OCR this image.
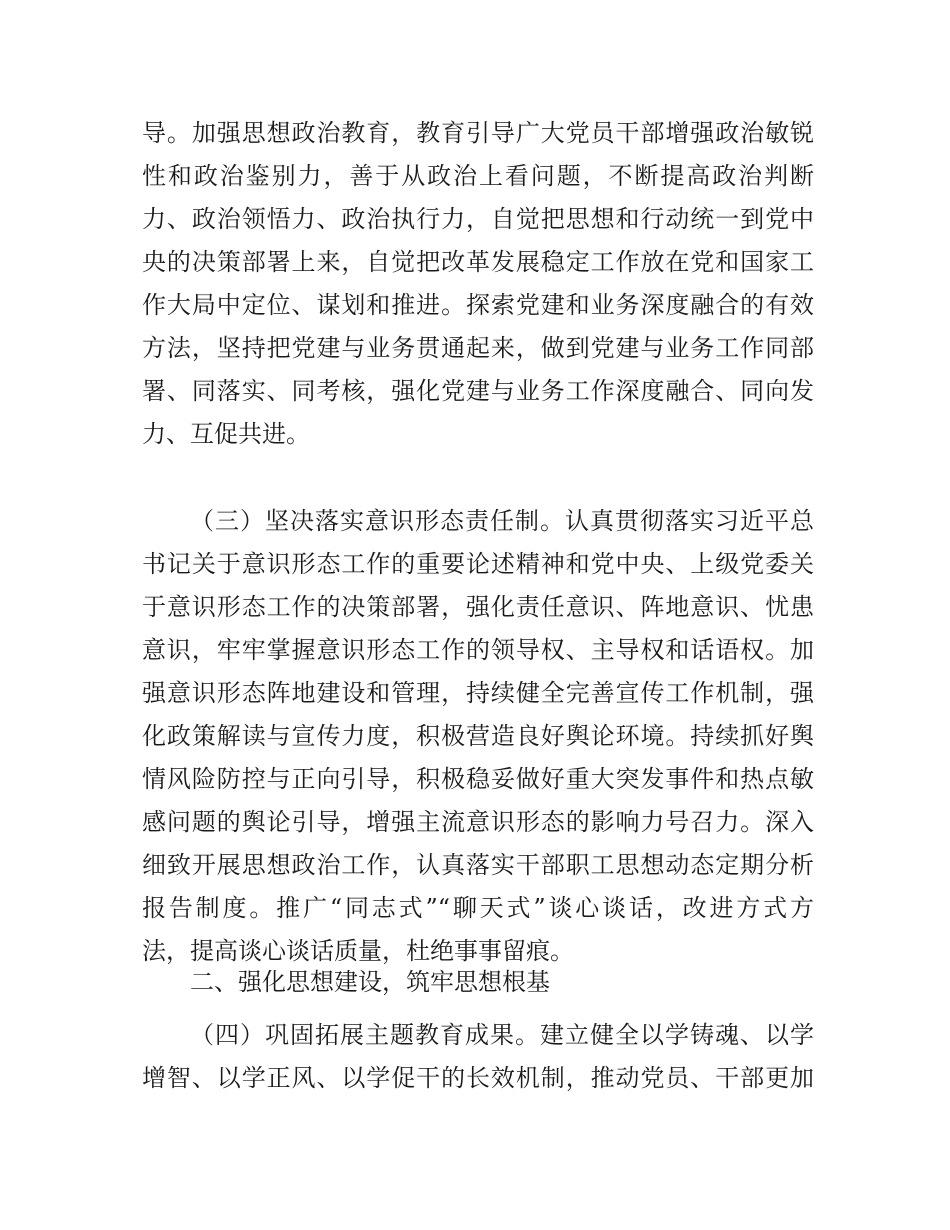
导。加强思想政治教育，教育引导广大党员干部增强政治敏锐
性和政治鉴别力，善于从政治上看问题，不断提高政治判断
力、政治领悟力、政治执行力，自觉把思想和行动统一到党中
央的决策部署上来，自觉把改革发展稳定工作放在党和国家工
作大局中定位、谋划和推进。探索党建和业务深度融合的有效
方法，坚持把党建与业务贯通起来，做到党建与业务工作同部
署、同落实、同考核，强化党建与业务工作深度融合、同向发
力、互促共进。
（三）坚决落实意识形态责任制。认真贯彻落实习近平总
书记关于意识形态工作的重要论述精神和党中央、上级党委关
于意识形态工作的决策部署，强化责任意识、阵地意识、忧患
意识，牢牢掌握意识形态工作的领导权、主导权和话语权。加
强意识形态阵地建设和管理，持续健全完善宣传工作机制，强
化政策解读与宣传力度，积极营造良好舆论环境。持续抓好舆
情风险防控与正向引导，积极稳妥做好重大突发事件和热点敏
感问题的舆论引导，增强主流意识形态的影响力号召力。深入
细致开展思想政治工作，认真落实干部职工思想动态定期分析
报告制度。推广“同志式”“聊天式”谈心谈话，改进方式方
法，提高谈心谈话质量，杜绝事事留痕。
二、强化思想建设，筑牢思想根基
（四）巩固拓展主题教育成果。建立健全以学铸魂、以学
增智、以学正风、以学促干的长效机制，推动党员、干部更加
